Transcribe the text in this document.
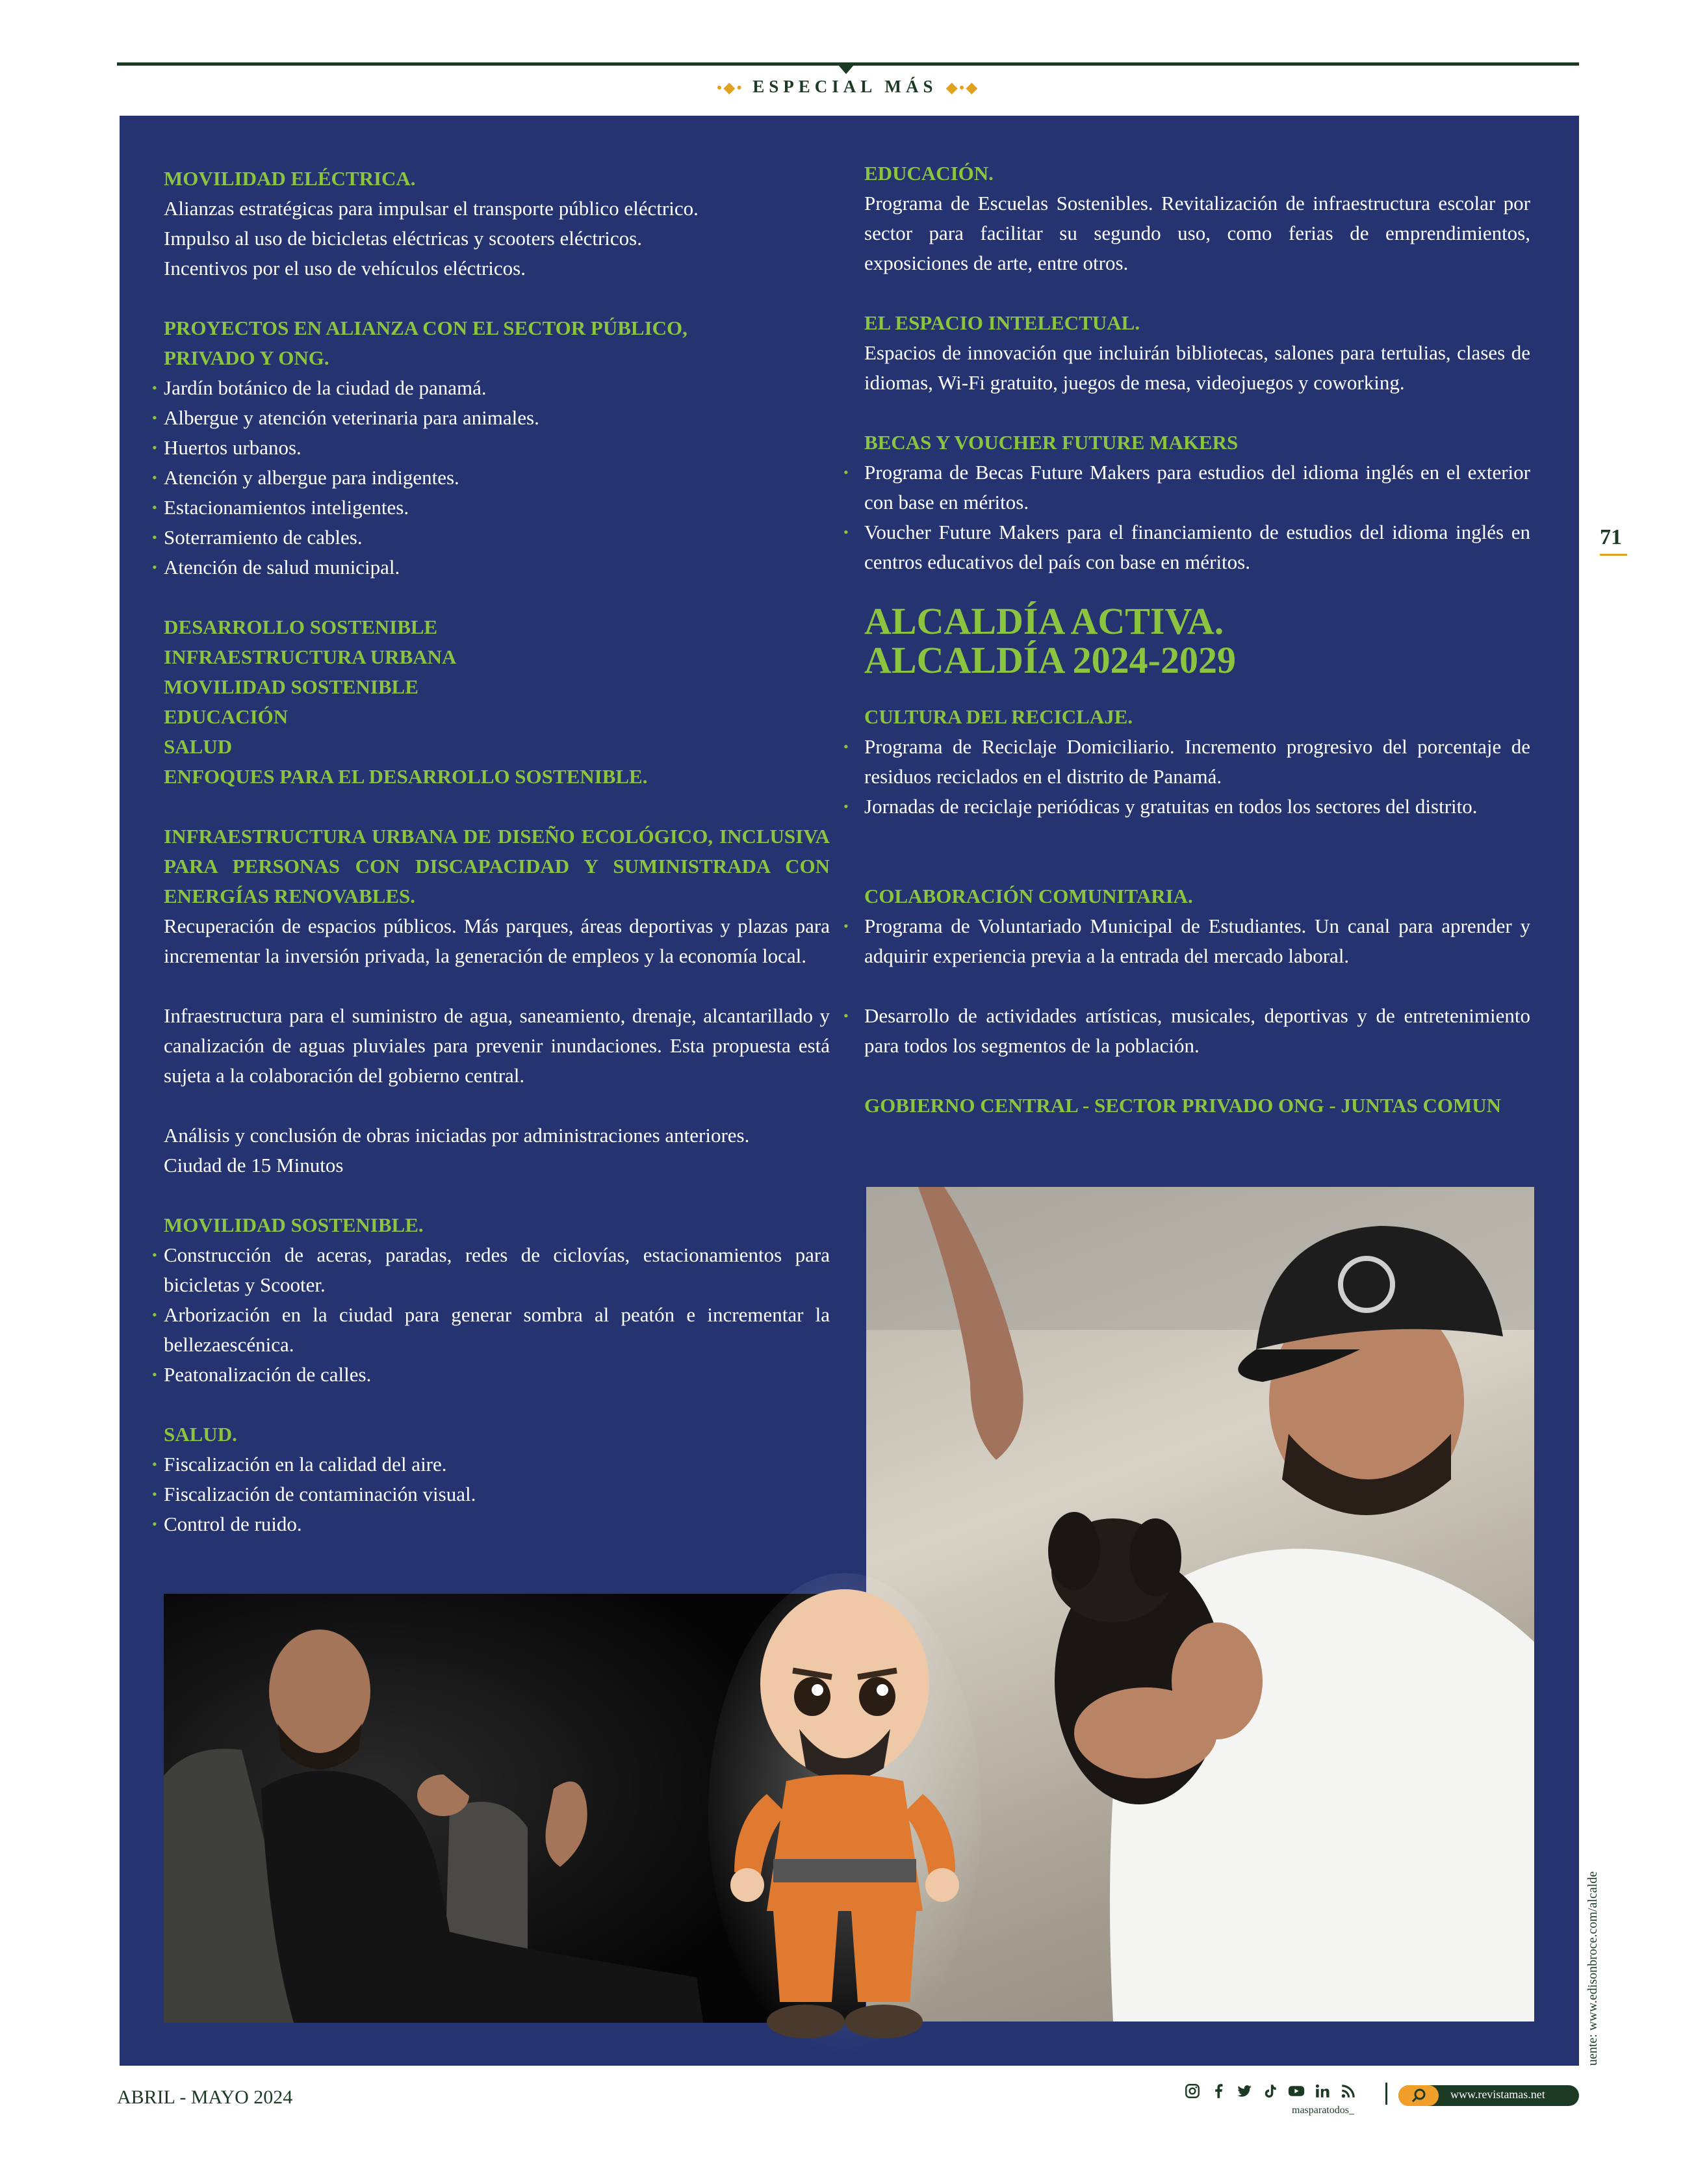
•◆• ESPECIAL MÁS ◆•◆
MOVILIDAD ELÉCTRICA.
Alianzas estratégicas para impulsar el transporte público eléctrico.
Impulso al uso de bicicletas eléctricas y scooters eléctricos.
Incentivos por el uso de vehículos eléctricos.
PROYECTOS EN ALIANZA CON EL SECTOR PÚBLICO,
PRIVADO Y ONG.
• Jardín botánico de la ciudad de panamá.
• Albergue y atención veterinaria para animales.
• Huertos urbanos.
• Atención y albergue para indigentes.
• Estacionamientos inteligentes.
• Soterramiento de cables.
• Atención de salud municipal.
DESARROLLO SOSTENIBLE
INFRAESTRUCTURA URBANA
MOVILIDAD SOSTENIBLE
EDUCACIÓN
SALUD
ENFOQUES PARA EL DESARROLLO SOSTENIBLE.
INFRAESTRUCTURA URBANA DE DISEÑO ECOLÓGICO, INCLUSIVA PARA PERSONAS CON DISCAPACIDAD Y SUMINISTRADA CON ENERGÍAS RENOVABLES.

Recuperación de espacios públicos. Más parques, áreas deportivas y plazas para incrementar la inversión privada, la generación de empleos y la economía local.

Infraestructura para el suministro de agua, saneamiento, drenaje, alcantarillado y canalización de aguas pluviales para prevenir inundaciones. Esta propuesta está sujeta a la colaboración del gobierno central.

Análisis y conclusión de obras iniciadas por administraciones anteriores.
Ciudad de 15 Minutos
MOVILIDAD SOSTENIBLE.
• Construcción de aceras, paradas, redes de ciclovías, estacionamientos para bicicletas y Scooter.
• Arborización en la ciudad para generar sombra al peatón e incrementar la bellezaescénica.
• Peatonalización de calles.
SALUD.
• Fiscalización en la calidad del aire.
• Fiscalización de contaminación visual.
• Control de ruido.
EDUCACIÓN.

Programa de Escuelas Sostenibles. Revitalización de infraestructura escolar por sector para facilitar su segundo uso, como ferias de emprendimientos, exposiciones de arte, entre otros.

EL ESPACIO INTELECTUAL.

Espacios de innovación que incluirán bibliotecas, salones para tertulias, clases de idiomas, Wi-Fi gratuito, juegos de mesa, videojuegos y coworking.

BECAS Y VOUCHER FUTURE MAKERS
• Programa de Becas Future Makers para estudios del idioma inglés en el exterior con base en méritos.
• Voucher Future Makers para el financiamiento de estudios del idioma inglés en centros educativos del país con base en méritos.
ALCALDÍA ACTIVA.
ALCALDÍA 2024-2029
CULTURA DEL RECICLAJE.
• Programa de Reciclaje Domiciliario. Incremento progresivo del porcentaje de residuos reciclados en el distrito de Panamá.
• Jornadas de reciclaje periódicas y gratuitas en todos los sectores del distrito.
COLABORACIÓN COMUNITARIA.
• Programa de Voluntariado Municipal de Estudiantes. Un canal para aprender y adquirir experiencia previa a la entrada del mercado laboral.
• Desarrollo de actividades artísticas, musicales, deportivas y de entretenimiento para todos los segmentos de la población.
GOBIERNO CENTRAL - SECTOR PRIVADO ONG - JUNTAS COMUN
71
uente: www.edisonbroce.com/alcalde
ABRIL - MAYO 2024
masparatodos_
www.revistamas.net
